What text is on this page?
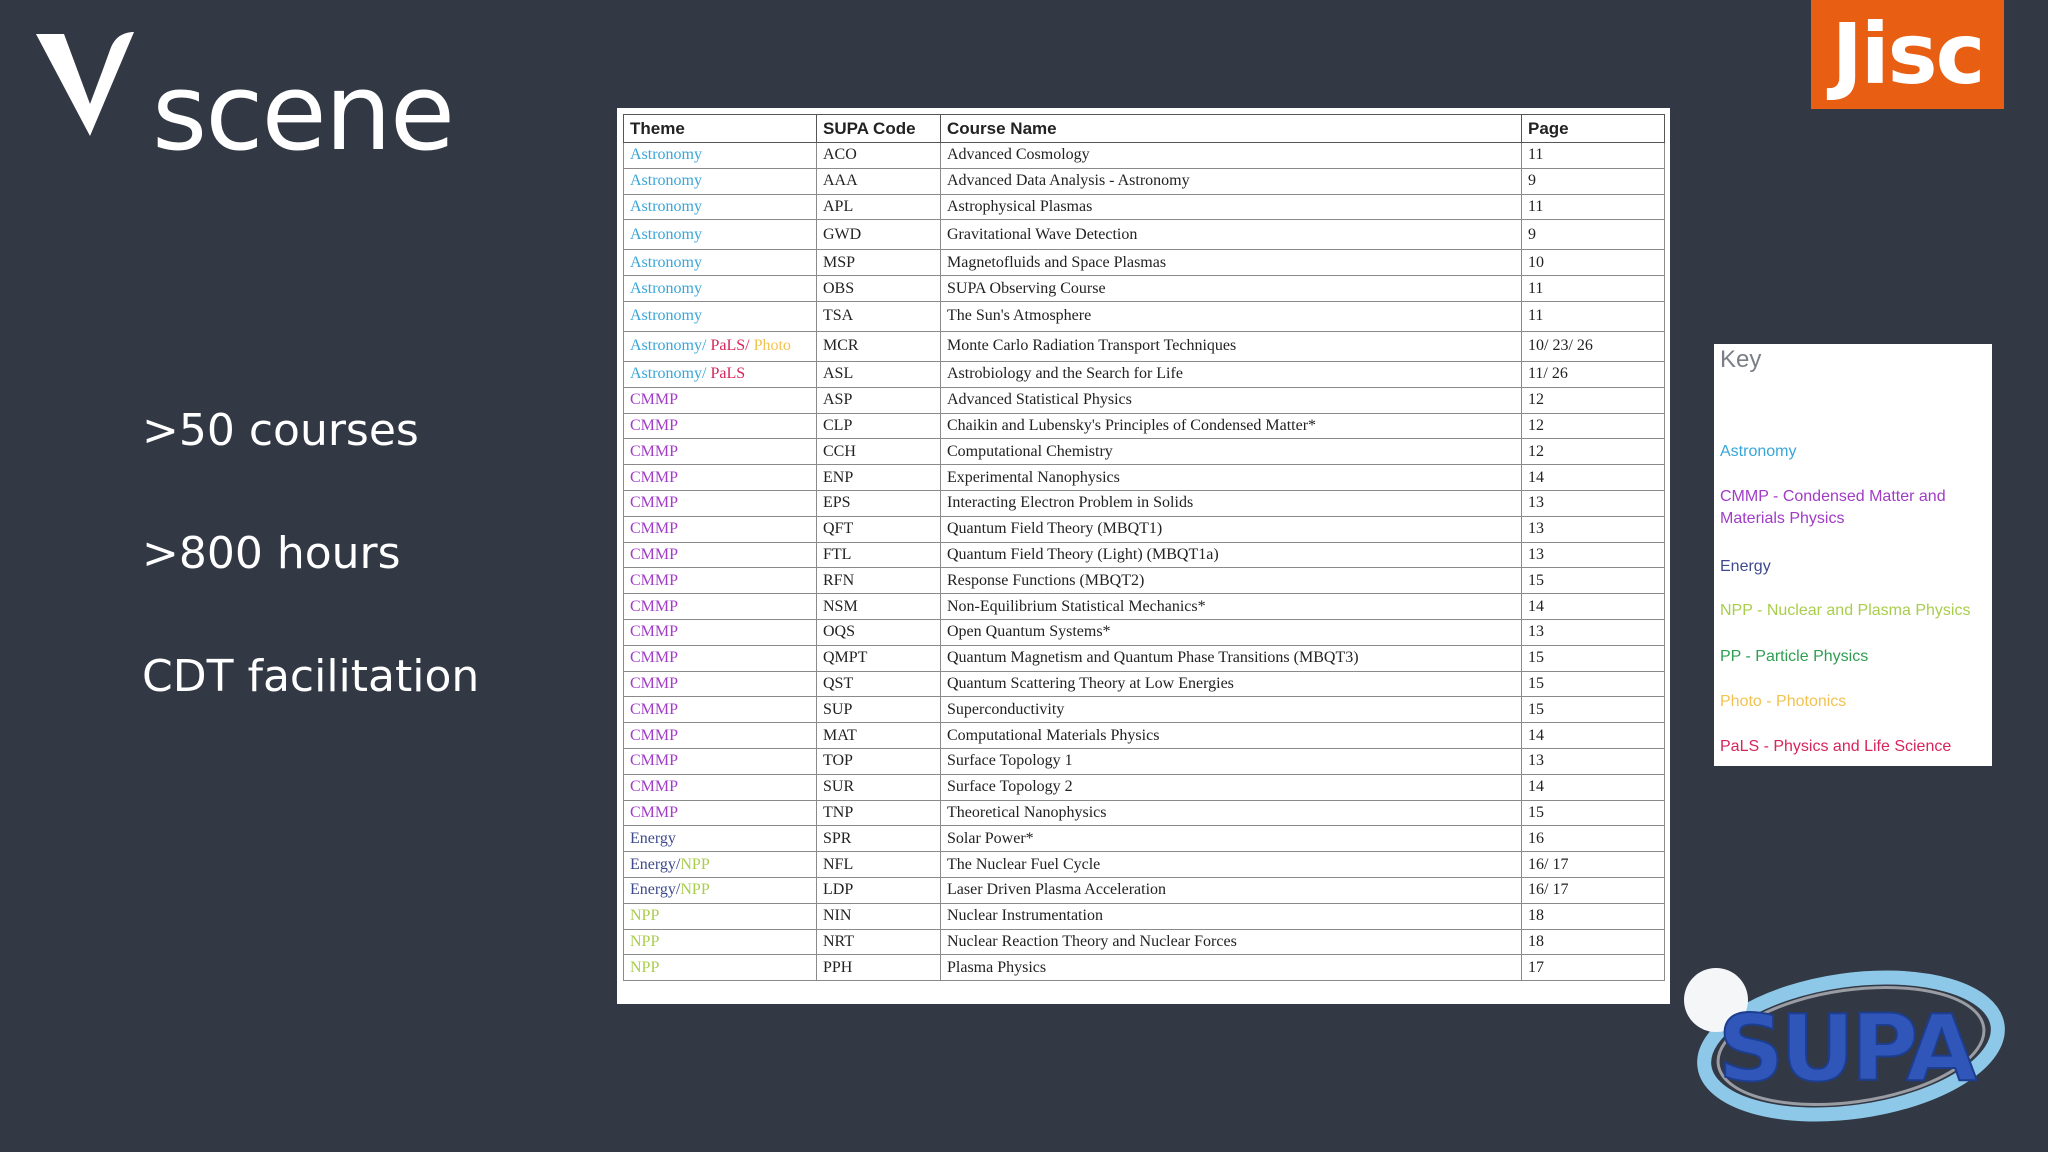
scene	Jisc
>50 courses
>800 hours
CDT facilitation
Theme	SUPA Code	Course Name	Page
Astronomy	ACO	Advanced Cosmology	11
Astronomy	AAA	Advanced Data Analysis - Astronomy	9
Astronomy	APL	Astrophysical Plasmas	11
Astronomy	GWD	Gravitational Wave Detection	9
Astronomy	MSP	Magnetofluids and Space Plasmas	10
Astronomy	OBS	SUPA Observing Course	11
Astronomy	TSA	The Sun's Atmosphere	11
Astronomy/ PaLS/ Photo	MCR	Monte Carlo Radiation Transport Techniques	10/ 23/ 26
Astronomy/ PaLS	ASL	Astrobiology and the Search for Life	11/ 26
CMMP	ASP	Advanced Statistical Physics	12
CMMP	CLP	Chaikin and Lubensky's Principles of Condensed Matter*	12
CMMP	CCH	Computational Chemistry	12
CMMP	ENP	Experimental Nanophysics	14
CMMP	EPS	Interacting Electron Problem in Solids	13
CMMP	QFT	Quantum Field Theory (MBQT1)	13
CMMP	FTL	Quantum Field Theory (Light) (MBQT1a)	13
CMMP	RFN	Response Functions (MBQT2)	15
CMMP	NSM	Non-Equilibrium Statistical Mechanics*	14
CMMP	OQS	Open Quantum Systems*	13
CMMP	QMPT	Quantum Magnetism and Quantum Phase Transitions (MBQT3)	15
CMMP	QST	Quantum Scattering Theory at Low Energies	15
CMMP	SUP	Superconductivity	15
CMMP	MAT	Computational Materials Physics	14
CMMP	TOP	Surface Topology 1	13
CMMP	SUR	Surface Topology 2	14
CMMP	TNP	Theoretical Nanophysics	15
Energy	SPR	Solar Power*	16
Energy/NPP	NFL	The Nuclear Fuel Cycle	16/ 17
Energy/NPP	LDP	Laser Driven Plasma Acceleration	16/ 17
NPP	NIN	Nuclear Instrumentation	18
NPP	NRT	Nuclear Reaction Theory and Nuclear Forces	18
NPP	PPH	Plasma Physics	17
Key
Astronomy
CMMP - Condensed Matter and Materials Physics
Energy
NPP - Nuclear and Plasma Physics
PP - Particle Physics
Photo - Photonics
PaLS - Physics and Life Science
SUPA
